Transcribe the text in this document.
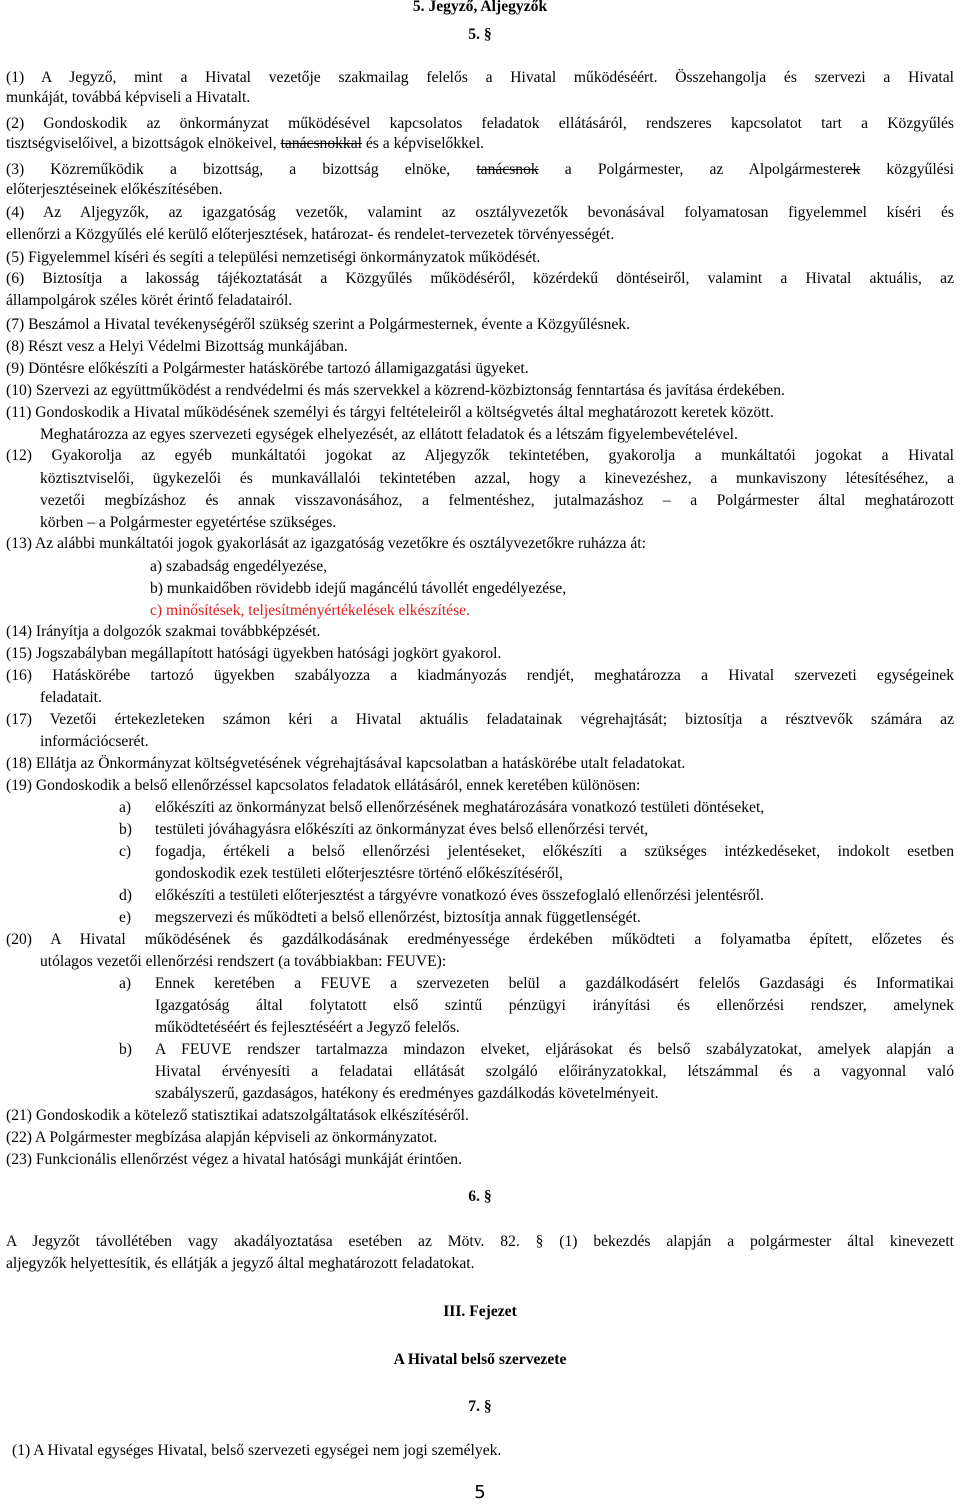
5. Jegyző, Aljegyzők
5. §
(1) A Jegyző, mint a Hivatal vezetője szakmailag felelős a Hivatal működéséért. Összehangolja és szervezi a Hivatal
munkáját, továbbá képviseli a Hivatalt.
(2) Gondoskodik az önkormányzat működésével kapcsolatos feladatok ellátásáról, rendszeres kapcsolatot tart a Közgyűlés
tisztségviselőivel, a bizottságok elnökeivel, tanácsnokkal és a képviselőkkel.
(3) Közreműködik a bizottság, a bizottság elnöke, tanácsnok a Polgármester, az Alpolgármesterek közgyűlési
előterjesztéseinek előkészítésében.
(4) Az Aljegyzők, az igazgatóság vezetők, valamint az osztályvezetők bevonásával folyamatosan figyelemmel kíséri és
ellenőrzi a Közgyűlés elé kerülő előterjesztések, határozat- és rendelet-tervezetek törvényességét.
(5) Figyelemmel kíséri és segíti a települési nemzetiségi önkormányzatok működését.
(6) Biztosítja a lakosság tájékoztatását a Közgyűlés működéséről, közérdekű döntéseiről, valamint a Hivatal aktuális, az
állampolgárok széles körét érintő feladatairól.
(7) Beszámol a Hivatal tevékenységéről szükség szerint a Polgármesternek, évente a Közgyűlésnek.
(8) Részt vesz a Helyi Védelmi Bizottság munkájában.
(9) Döntésre előkészíti a Polgármester hatáskörébe tartozó államigazgatási ügyeket.
(10) Szervezi az együttműködést a rendvédelmi és más szervekkel a közrend-közbiztonság fenntartása és javítása érdekében.
(11) Gondoskodik a Hivatal működésének személyi és tárgyi feltételeiről a költségvetés által meghatározott keretek között.
Meghatározza az egyes szervezeti egységek elhelyezését, az ellátott feladatok és a létszám figyelembevételével.
(12) Gyakorolja az egyéb munkáltatói jogokat az Aljegyzők tekintetében, gyakorolja a munkáltatói jogokat a Hivatal
köztisztviselői, ügykezelői és munkavállalói tekintetében azzal, hogy a kinevezéshez, a munkaviszony létesítéséhez, a
vezetői megbízáshoz és annak visszavonásához, a felmentéshez, jutalmazáshoz – a Polgármester által meghatározott
körben – a Polgármester egyetértése szükséges.
(13) Az alábbi munkáltatói jogok gyakorlását az igazgatóság vezetőkre és osztályvezetőkre ruházza át:
a) szabadság engedélyezése,
b) munkaidőben rövidebb idejű magáncélú távollét engedélyezése,
c) minősítések, teljesítményértékelések elkészítése.
(14) Irányítja a dolgozók szakmai továbbképzését.
(15) Jogszabályban megállapított hatósági ügyekben hatósági jogkört gyakorol.
(16) Hatáskörébe tartozó ügyekben szabályozza a kiadmányozás rendjét, meghatározza a Hivatal szervezeti egységeinek
feladatait.
(17) Vezetői értekezleteken számon kéri a Hivatal aktuális feladatainak végrehajtását; biztosítja a résztvevők számára az
információcserét.
(18) Ellátja az Önkormányzat költségvetésének végrehajtásával kapcsolatban a hatáskörébe utalt feladatokat.
(19) Gondoskodik a belső ellenőrzéssel kapcsolatos feladatok ellátásáról, ennek keretében különösen:
a)	előkészíti az önkormányzat belső ellenőrzésének meghatározására vonatkozó testületi döntéseket,
b)	testületi jóváhagyásra előkészíti az önkormányzat éves belső ellenőrzési tervét,
c)	fogadja, értékeli a belső ellenőrzési jelentéseket, előkészíti a szükséges intézkedéseket, indokolt esetben
gondoskodik ezek testületi előterjesztésre történő előkészítéséről,
d)	előkészíti a testületi előterjesztést a tárgyévre vonatkozó éves összefoglaló ellenőrzési jelentésről.
e)	megszervezi és működteti a belső ellenőrzést, biztosítja annak függetlenségét.
(20) A Hivatal működésének és gazdálkodásának eredményessége érdekében működteti a folyamatba épített, előzetes és
utólagos vezetői ellenőrzési rendszert (a továbbiakban: FEUVE):
a)	Ennek keretében a FEUVE a szervezeten belül a gazdálkodásért felelős Gazdasági és Informatikai
Igazgatóság által folytatott első szintű pénzügyi irányítási és ellenőrzési rendszer, amelynek
működtetéséért és fejlesztéséért a Jegyző felelős.
b)	A FEUVE rendszer tartalmazza mindazon elveket, eljárásokat és belső szabályzatokat, amelyek alapján a
Hivatal érvényesíti a feladatai ellátását szolgáló előirányzatokkal, létszámmal és a vagyonnal való
szabályszerű, gazdaságos, hatékony és eredményes gazdálkodás követelményeit.
(21) Gondoskodik a kötelező statisztikai adatszolgáltatások elkészítéséről.
(22) A Polgármester megbízása alapján képviseli az önkormányzatot.
(23) Funkcionális ellenőrzést végez a hivatal hatósági munkáját érintően.
6. §
A Jegyzőt távollétében vagy akadályoztatása esetében az Mötv. 82. § (1) bekezdés alapján a polgármester által kinevezett
aljegyzők helyettesítik, és ellátják a jegyző által meghatározott feladatokat.
III. Fejezet
A Hivatal belső szervezete
7. §
(1) A Hivatal egységes Hivatal, belső szervezeti egységei nem jogi személyek.
5
